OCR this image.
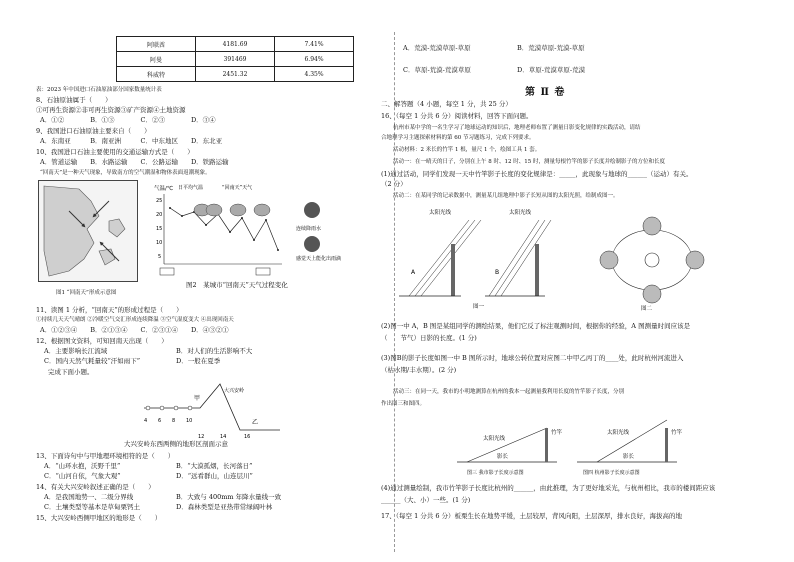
阿联酋	4181.69	7.41%
阿曼	391469	6.94%
科威特	2451.32	4.35%
表：2023 年中国进口石油原油部分国家数量统计表
8、石油原油属于（　　）
①可再生资源②非可再生资源③矿产资源④土地资源
A．①②　　　　B．①③　　　　C．②③　　　　D．③④
9、我国进口石油原油主要来自（　　）
A．东南亚　　　B．南亚洲　　　C．中东地区　　D．东北亚
10、我国进口石油主要使用的交通运输方式是（　　）
A．管道运输　　B．水路运输　　C．公路运输　　D．铁路运输
“回南天”是一种天气现象，导致南方的空气潮湿和物体表面返潮现象。
图1 “回南天”形成示意图
气温/℃
25
20
15
10
5
日平均气温	“回南天”天气
连续降雨水
感觉天上能化出雨滴
图2　某城市“回南天”天气过程变化
11、读图 1 分析，“回南天”的形成过程是（　　）
①持续几天天气晴朗 ②冷暖空气交汇形成连续降温 ③空气湿度变大 ④出现回南天
A．①②③④　　B．②①③④　　C．②③①④　　D．④③②①
12、根据图文资料，可知回南天出现（　　）
A．主要影响长江流域	B．对人们的生活影响不大
C．国内天然气耗量较“汗如雨下”	D．一般在夏季
完成下面小题。
4 6 8 10
12	14	16
甲
乙
大兴安岭
大兴安岭东西两侧的地形区剖面示意
13、下面诗句中与甲地理环境相符的是（　　）
A．“山环水抱，沃野千里”	B．“大漠孤烟，长河落日”
C．“山河自依，气象大观”	D．“远看群山，山连层川”
14、有关大兴安岭叙述正确的是（　　）
A．是我国地势一、二级分界线	B．大致与 400mm 年降水量线一致
C．土壤类型等基本是草甸栗钙土	D．森林类型是亚热带常绿阔叶林
15、大兴安岭西侧甲地区的地形是（　　）
A．荒漠-荒漠草原-草原	B．荒漠草原-荒漠-草原
C．草原-荒漠-荒漠草原	D．草原-荒漠草原-荒漠
第 Ⅱ 卷
二、解答题（4 小题，每空 1 分，共 25 分）
16、（每空 1 分共 6 分）阅读材料，回答下面问题。
杭州市某中学的一名生学习了地球运动的知识后，地理老师布置了测量日影变化规律的实践活动，请结
合地理学习主题探索材料的第 60 节习题练习，完成下列要求。
活动材料：2 米长的竹竿 1 根，量尺 1 个，绘图工具 1 套。
活动一：在一晴天的日子，分别在上午 8 时、12 时、15 时，测量每根竹竿的影子长度并绘制影子的方位和长度
(1)通过活动，同学们发现一天中竹竿影子长度的变化规律是：_____，此现象与地球的______（运动）有关。
（2 分）
活动二：在某同学的记录数据中，测量某几组地理中影子长短从图的太阳光照，给制成图一。
太阳光线	太阳光线
A	B
图一	图二
(2)图一中 A，B 图是某组同学的测绘结果，他们它反了标注观测时间，根据你的经验，A 图测量时间应该是
（　　节气）日影的长度。(1 分)
(3)图B的影子长度如图一中 B 图所示时，地球公转位置对应图二中甲乙丙丁的____处，此时杭州河流进入
（枯水期/丰水期）。(2 分)
活动三：在同一天，我市的小明地测算在杭州的我本一起测量我利用长度的竹竿影子长度，分别
作出图三和图四。
太阳光线
竹竿
影长
太阳光线	竹竿
影长
图三 我市影子长度示意图	图四 杭州影子长度示意图
(4)通过测量绘制，我市竹竿影子长度比杭州的______，由此推理，为了更好地采光，与杭州相比，我市的楼间距应该
______（大、小）一些。(1 分)
17、（每空 1 分共 6 分）板栗生长在地势平缓，土层较厚，背风向阳，土层深厚，排水良好，海拔高的地
